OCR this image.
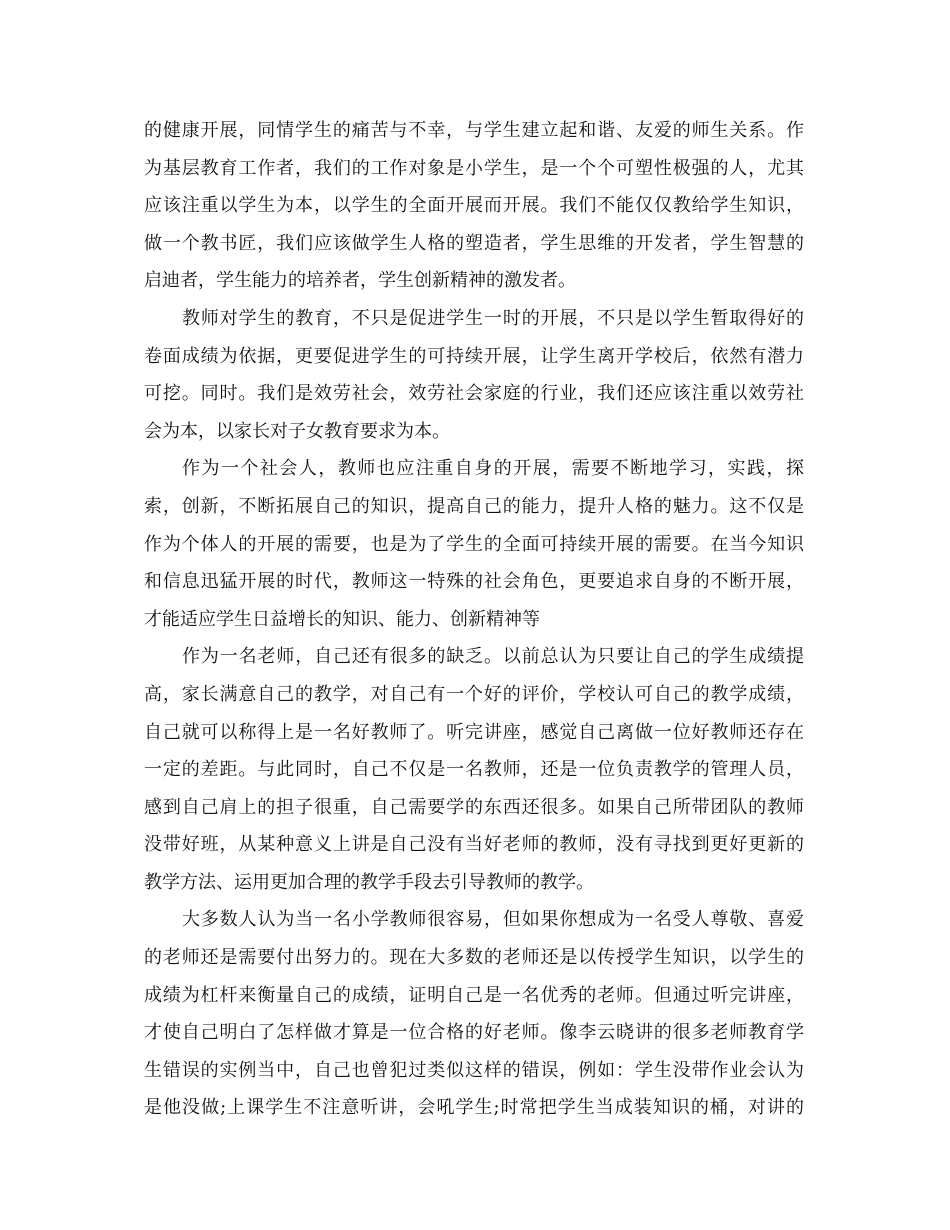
的健康开展，同情学生的痛苦与不幸，与学生建立起和谐、友爱的师生关系。作
为基层教育工作者，我们的工作对象是小学生，是一个个可塑性极强的人，尤其
应该注重以学生为本，以学生的全面开展而开展。我们不能仅仅教给学生知识，
做一个教书匠，我们应该做学生人格的塑造者，学生思维的开发者，学生智慧的
启迪者，学生能力的培养者，学生创新精神的激发者。
教师对学生的教育，不只是促进学生一时的开展，不只是以学生暂取得好的
卷面成绩为依据，更要促进学生的可持续开展，让学生离开学校后，依然有潜力
可挖。同时。我们是效劳社会，效劳社会家庭的行业，我们还应该注重以效劳社
会为本，以家长对子女教育要求为本。
作为一个社会人，教师也应注重自身的开展，需要不断地学习，实践，探
索，创新，不断拓展自己的知识，提高自己的能力，提升人格的魅力。这不仅是
作为个体人的开展的需要，也是为了学生的全面可持续开展的需要。在当今知识
和信息迅猛开展的时代，教师这一特殊的社会角色，更要追求自身的不断开展，
才能适应学生日益增长的知识、能力、创新精神等
作为一名老师，自己还有很多的缺乏。以前总认为只要让自己的学生成绩提
高，家长满意自己的教学，对自己有一个好的评价，学校认可自己的教学成绩，
自己就可以称得上是一名好教师了。听完讲座，感觉自己离做一位好教师还存在
一定的差距。与此同时，自己不仅是一名教师，还是一位负责教学的管理人员，
感到自己肩上的担子很重，自己需要学的东西还很多。如果自己所带团队的教师
没带好班，从某种意义上讲是自己没有当好老师的教师，没有寻找到更好更新的
教学方法、运用更加合理的教学手段去引导教师的教学。
大多数人认为当一名小学教师很容易，但如果你想成为一名受人尊敬、喜爱
的老师还是需要付出努力的。现在大多数的老师还是以传授学生知识，以学生的
成绩为杠杆来衡量自己的成绩，证明自己是一名优秀的老师。但通过听完讲座，
才使自己明白了怎样做才算是一位合格的好老师。像李云晓讲的很多老师教育学
生错误的实例当中，自己也曾犯过类似这样的错误，例如：学生没带作业会认为
是他没做;上课学生不注意听讲，会吼学生;时常把学生当成装知识的桶，对讲的
